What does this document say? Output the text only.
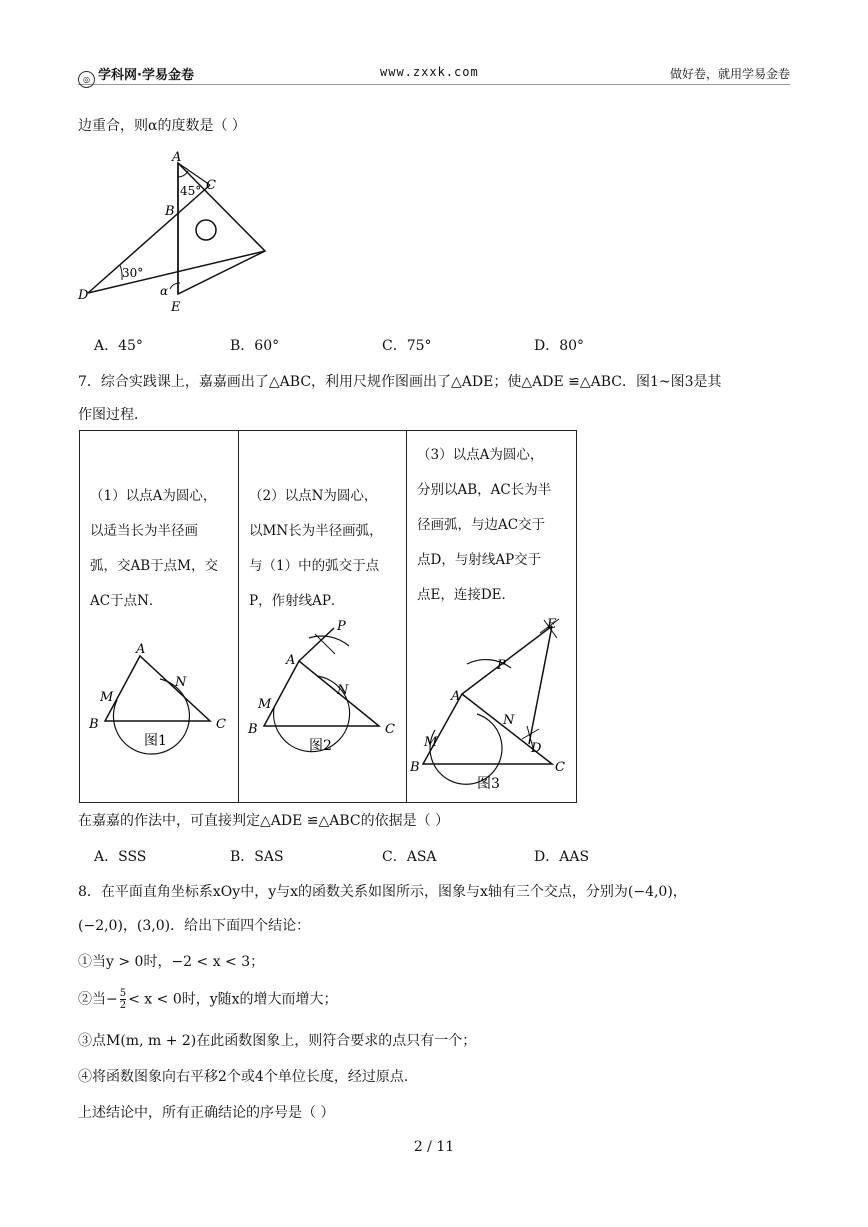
◎ 学科网·学易金卷	www.zxxk.com	做好卷，就用学易金卷
边重合，则α的度数是（ ）
A
45° C
B
30°
D	α
E
A．45°	B．60°	C．75°	D．80°
7．综合实践课上，嘉嘉画出了△ABC，利用尺规作图画出了△ADE；使△ADE ≌△ABC．图1~图3是其
作图过程．

（1）以点A为圆心，

以适当长为半径画

弧，交AB于点M，交

AC于点N．

A
M
N
B	C
图1

（2）以点N为圆心，

以MN长为半径画弧，

与（1）中的弧交于点

P，作射线AP．

P
A
M
N
B	C
图2

（3）以点A为圆心，

分别以AB，AC长为半

径画弧，与边AC交于

点D，与射线AP交于

点E，连接DE．

E
P
A
N
M	D
B	C
图3
在嘉嘉的作法中，可直接判定△ADE ≌△ABC的依据是（ ）
A．SSS	B．SAS	C．ASA	D．AAS
8．在平面直角坐标系xOy中，y与x的函数关系如图所示，图象与x轴有三个交点，分别为(−4,0)，
(−2,0)，(3,0)．给出下面四个结论：
①当y > 0时，−2 < x < 3；
②当− $\frac{5}{2} < x < 0$时，y随x的增大而增大；
③点M(m, m + 2)在此函数图象上，则符合要求的点只有一个；
④将函数图象向右平移2个或4个单位长度，经过原点．
上述结论中，所有正确结论的序号是（ ）
2 / 11
